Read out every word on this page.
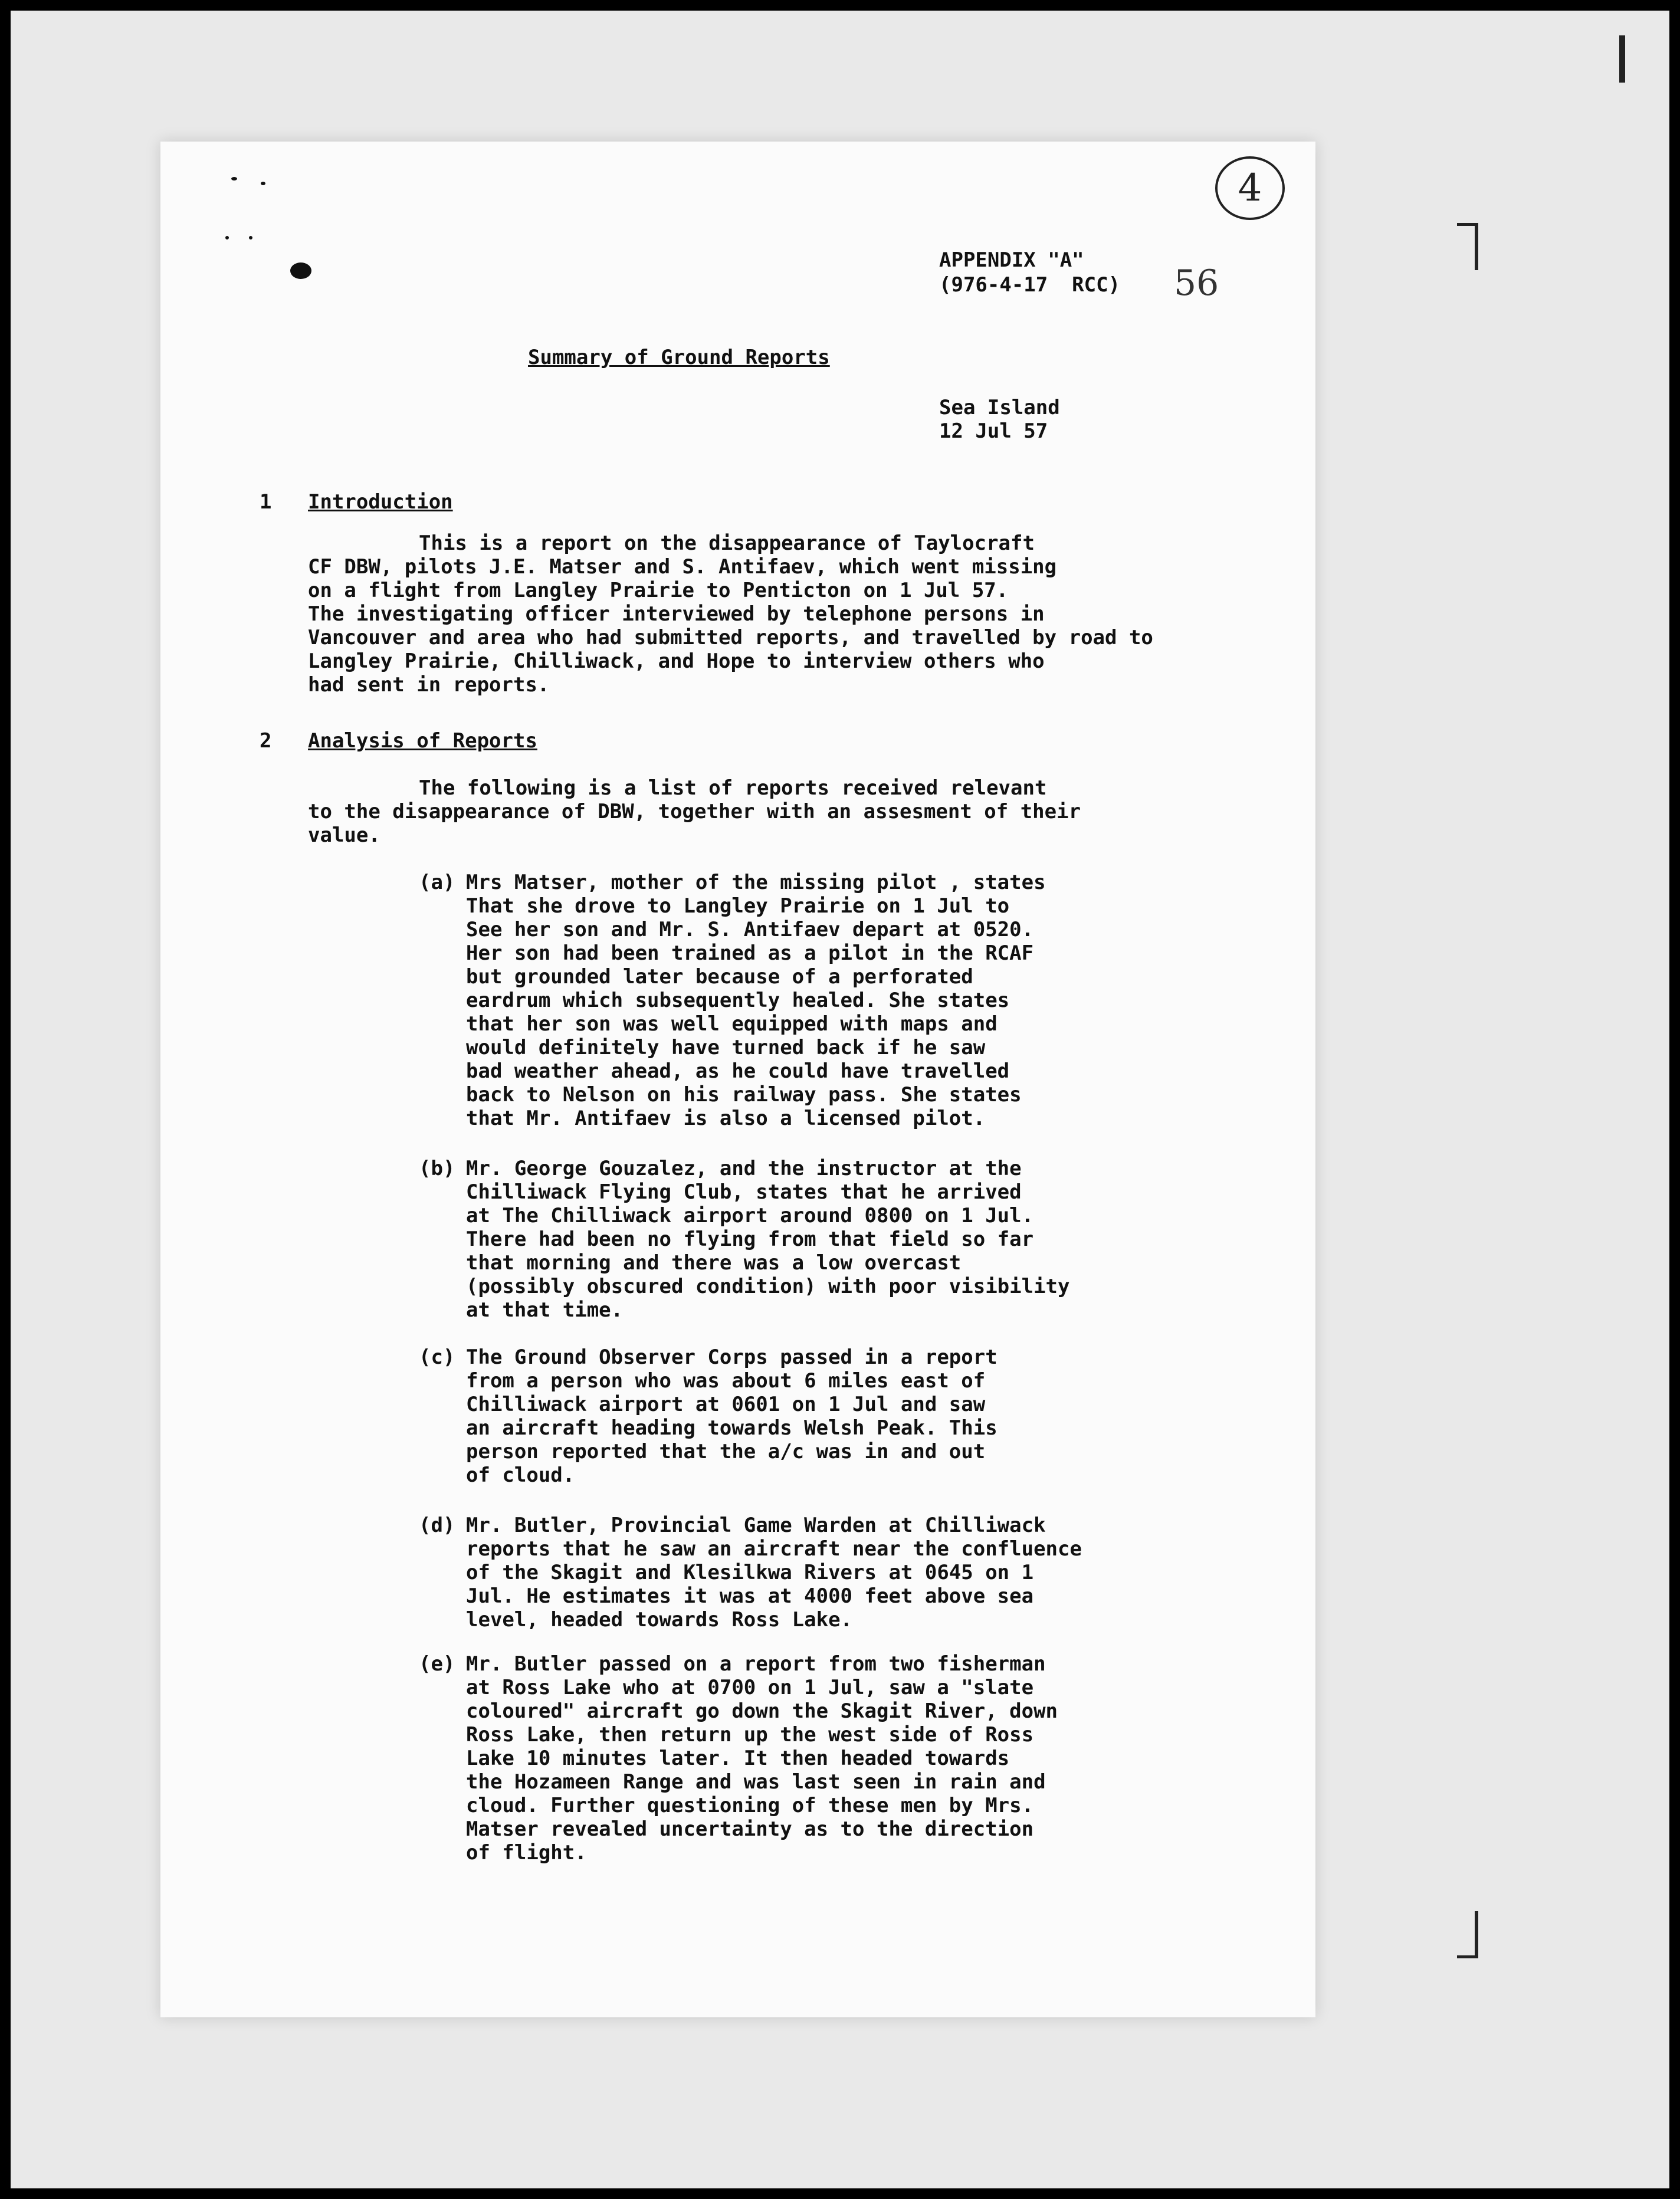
4
APPENDIX "A"
(976-4-17  RCC) 56
Summary of Ground Reports
Sea Island
12 Jul 57
1 Introduction
This is a report on the disappearance of Taylocraft
CF DBW, pilots J.E. Matser and S. Antifaev, which went missing
on a flight from Langley Prairie to Penticton on 1 Jul 57.
The investigating officer interviewed by telephone persons in
Vancouver and area who had submitted reports, and travelled by road to
Langley Prairie, Chilliwack, and Hope to interview others who
had sent in reports.
2 Analysis of Reports
The following is a list of reports received relevant
to the disappearance of DBW, together with an assesment of their
value.
(a) Mrs Matser, mother of the missing pilot , states
That she drove to Langley Prairie on 1 Jul to
See her son and Mr. S. Antifaev depart at 0520.
Her son had been trained as a pilot in the RCAF
but grounded later because of a perforated
eardrum which subsequently healed. She states
that her son was well equipped with maps and
would definitely have turned back if he saw
bad weather ahead, as he could have travelled
back to Nelson on his railway pass. She states
that Mr. Antifaev is also a licensed pilot.
(b) Mr. George Gouzalez, and the instructor at the
Chilliwack Flying Club, states that he arrived
at The Chilliwack airport around 0800 on 1 Jul.
There had been no flying from that field so far
that morning and there was a low overcast
(possibly obscured condition) with poor visibility
at that time.
(c) The Ground Observer Corps passed in a report
from a person who was about 6 miles east of
Chilliwack airport at 0601 on 1 Jul and saw
an aircraft heading towards Welsh Peak. This
person reported that the a/c was in and out
of cloud.
(d) Mr. Butler, Provincial Game Warden at Chilliwack
reports that he saw an aircraft near the confluence
of the Skagit and Klesilkwa Rivers at 0645 on 1
Jul. He estimates it was at 4000 feet above sea
level, headed towards Ross Lake.
(e) Mr. Butler passed on a report from two fisherman
at Ross Lake who at 0700 on 1 Jul, saw a "slate
coloured" aircraft go down the Skagit River, down
Ross Lake, then return up the west side of Ross
Lake 10 minutes later. It then headed towards
the Hozameen Range and was last seen in rain and
cloud. Further questioning of these men by Mrs.
Matser revealed uncertainty as to the direction
of flight.
